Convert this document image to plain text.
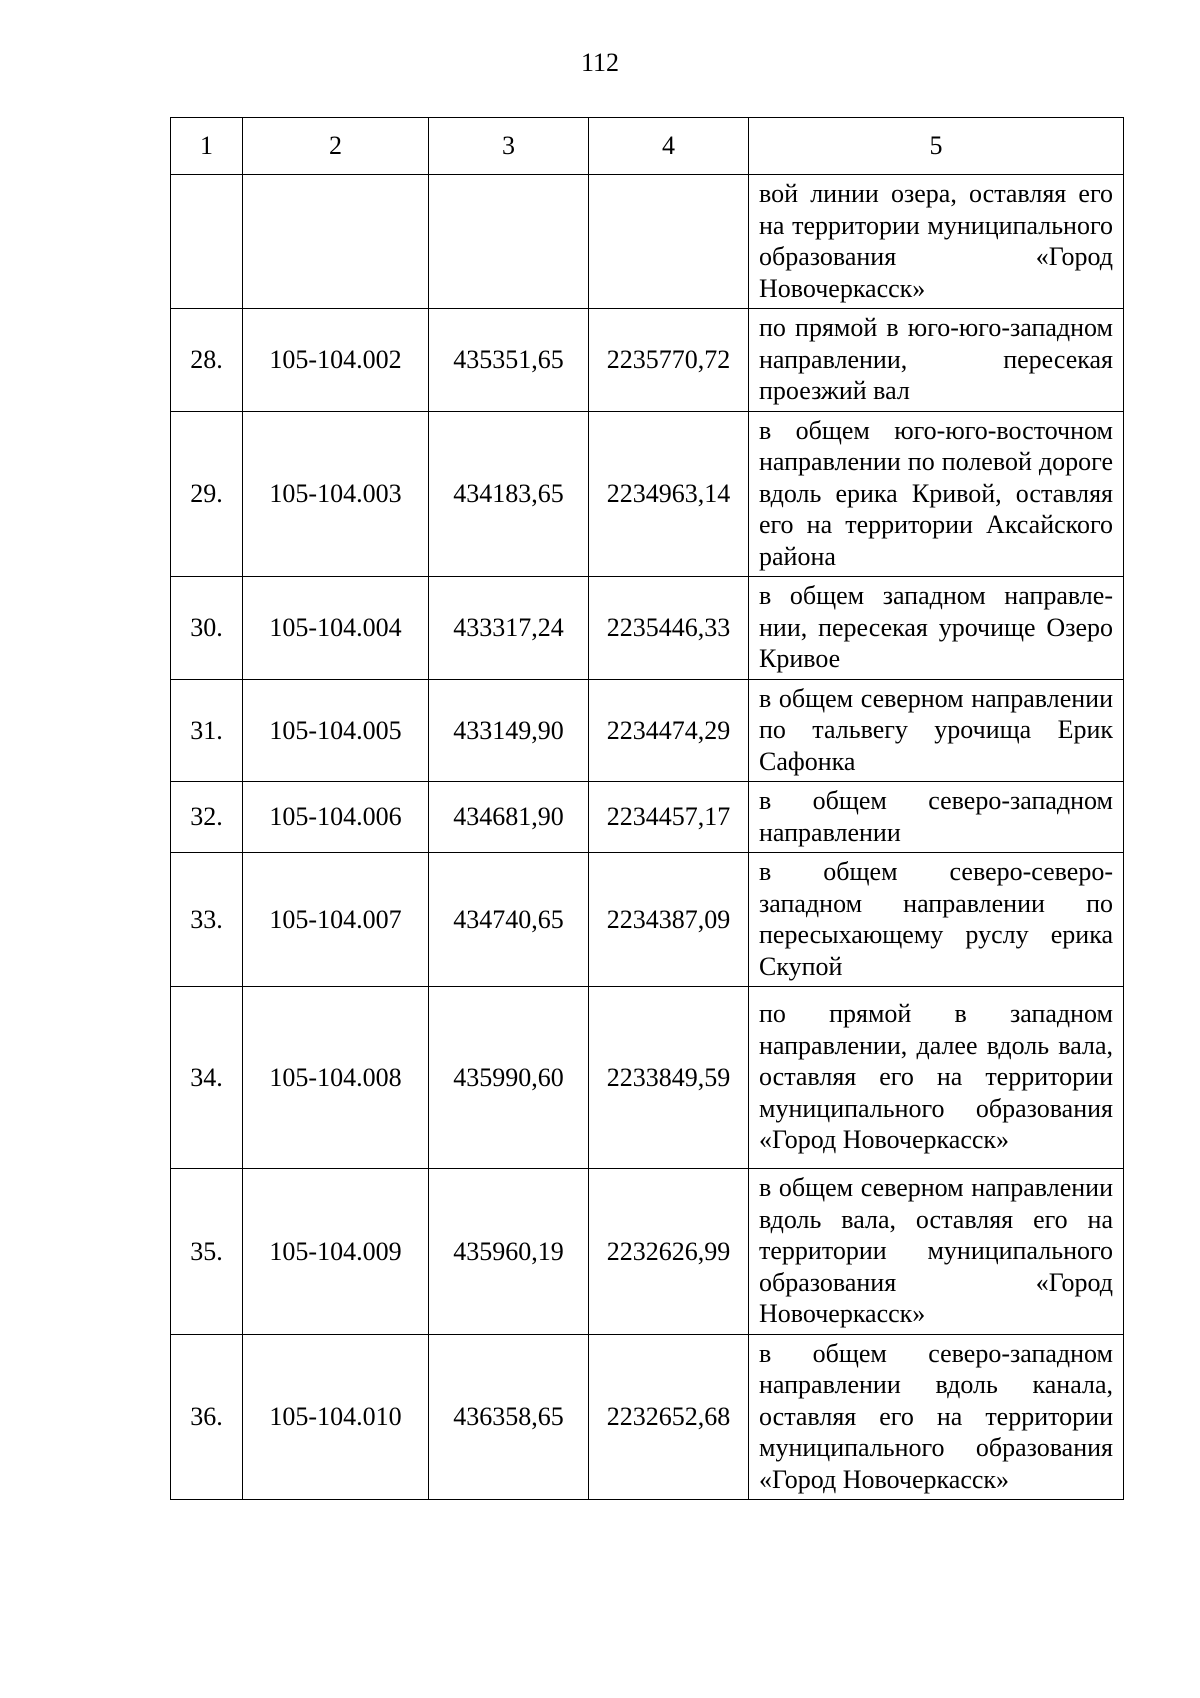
112
1	2	3	4	5
				вой линии озера, оставляя его на территории муниципального образования «Город Новочеркасск»
28.	105-104.002	435351,65	2235770,72	по прямой в юго-юго-западном направлении, пересекая проезжий вал
29.	105-104.003	434183,65	2234963,14	в общем юго-юго-восточном направлении по полевой дороге вдоль ерика Кривой, оставляя его на территории Аксайского района
30.	105-104.004	433317,24	2235446,33	в общем западном направлении, пересекая урочище Озеро Кривое
31.	105-104.005	433149,90	2234474,29	в общем северном направлении по тальвегу урочища Ерик Сафонка
32.	105-104.006	434681,90	2234457,17	в общем северо-западном направлении
33.	105-104.007	434740,65	2234387,09	в общем северо-северо-западном направлении по пересыхающему руслу ерика Скупой
34.	105-104.008	435990,60	2233849,59	по прямой в западном направлении, далее вдоль вала, оставляя его на территории муниципального образования «Город Новочеркасск»
35.	105-104.009	435960,19	2232626,99	в общем северном направлении вдоль вала, оставляя его на территории муниципального образования «Город Новочеркасск»
36.	105-104.010	436358,65	2232652,68	в общем северо-западном направлении вдоль канала, оставляя его на территории муниципального образования «Город Новочеркасск»
